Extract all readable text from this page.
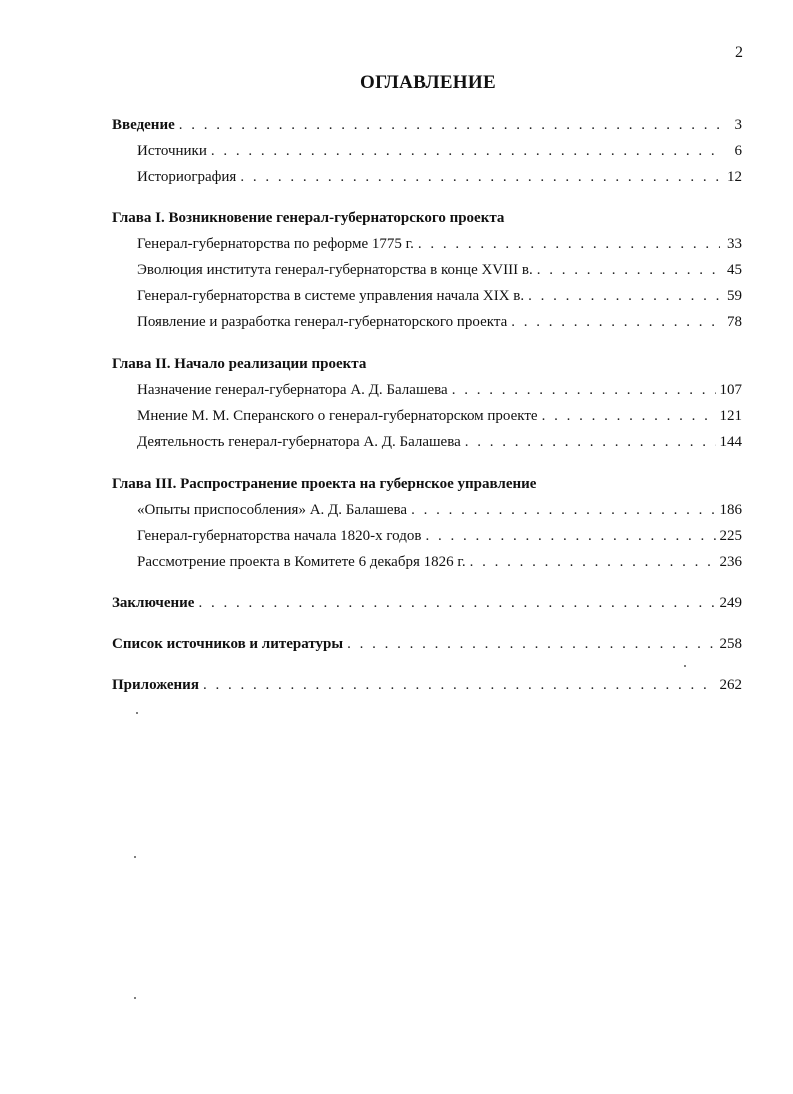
2
ОГЛАВЛЕНИЕ
Введение . . .	3
Источники . . .	6
Историография . . .	12
Глава I. Возникновение генерал-губернаторского проекта
Генерал-губернаторства по реформе 1775 г. . . .	33
Эволюция института генерал-губернаторства в конце XVIII в. . . .	45
Генерал-губернаторства в системе управления начала XIX в. . . .	59
Появление и разработка генерал-губернаторского проекта . . .	78
Глава II. Начало реализации проекта
Назначение генерал-губернатора А. Д. Балашева . . .	107
Мнение М. М. Сперанского о генерал-губернаторском проекте . . .	121
Деятельность генерал-губернатора А. Д. Балашева . . .	144
Глава III. Распространение проекта на губернское управление
«Опыты приспособления» А. Д. Балашева . . .	186
Генерал-губернаторства начала 1820-х годов . . .	225
Рассмотрение проекта в Комитете 6 декабря 1826 г. . . .	236
Заключение . . .	249
Список источников и литературы . . .	258
Приложения . . .	262
